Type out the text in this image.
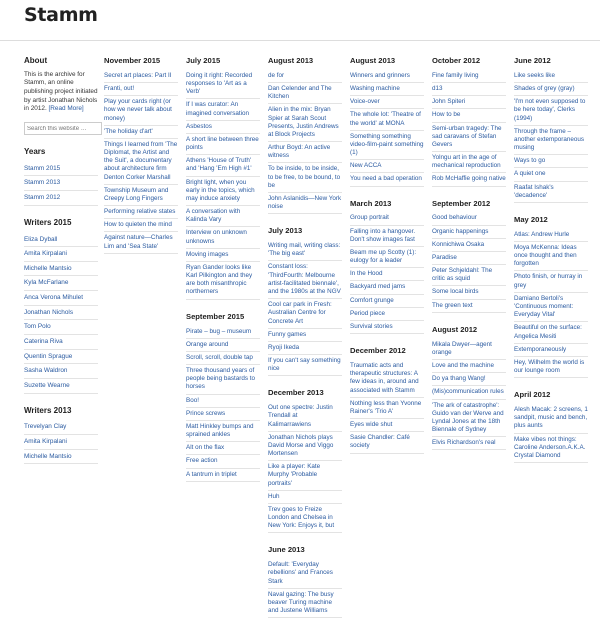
Stamm
About
This is the archive for Stamm, an online publishing project initiated by artist Jonathan Nichols in 2012. [Read More]
Search this website …
Years
Stamm 2015
Stamm 2013
Stamm 2012
Writers 2015
Eliza Dyball
Amita Kirpalani
Michelle Mantsio
Kyla McFarlane
Anca Verona Mihulet
Jonathan Nichols
Tom Polo
Caterina Riva
Quentin Sprague
Sasha Waldron
Suzette Wearne
Writers 2013
Trevelyan Clay
Amita Kirpalani
Michelle Mantsio
November 2015
Secret art places: Part II
Franti, out!
Play your cards right (or how we never talk about money)
'The holiday d'art'
Things I learned from 'The Diplomat, the Artist and the Suit', a documentary about architecture firm Denton Corker Marshall
Township Museum and Creepy Long Fingers
Performing relative states
How to quieten the mind
Against nature—Charles Lim and 'Sea State'
July 2015
Doing it right: Recorded responses to 'Art as a Verb'
If I was curator: An imagined conversation
Asbestos
A short line between three points
Athens 'House of Truth' and 'Hang 'Em High #1'
Bright light, when you early in the topics, which may induce anxiety
A conversation with Kalinda Vary
Interview on unknown unknowns
Moving images
Ryan Gander looks like Karl Pilkington and they are both misanthropic northerners
September 2015
Pirate – bug – museum
Orange around
Scroll, scroll, double tap
Three thousand years of people being bastards to horses
Boo!
Prince screws
Matt Hinkley bumps and sprained ankles
Alt on the flax
Free action
A tantrum in triplet
August 2013
de for
Dan Celender and The Kitchen
Alien in the mix: Bryan Spier at Sarah Scout Presents, Justin Andrews at Block Projects
Arthur Boyd: An active witness
To be inside, to be inside, to be free, to be bound, to be
John Aslanidis—New York noise
July 2013
Writing mail, writing class: 'The big east'
Constant loss: 'ThirdFourth: Melbourne artist-facilitated biennale', and the 1980s at the NGV
Cool car park in Fresh: Australian Centre for Concrete Art
Funny games
Ryoji Ikeda
If you can't say something nice
December 2013
Out one spectre: Justin Trendall at Kalimarrawiens
Jonathan Nichols plays David Morse and Viggo Mortensen
Like a player: Kate Murphy 'Probable portraits'
Huh
Trev goes to Freize London and Chelsea in New York: Enjoys it, but
June 2013
Default: 'Everyday rebellions' and Frances Stark
Naval gazing: The busy beaver Turing machine and Justene Williams
August 2013
Winners and grinners
Washing machine
Voice-over
The whole lot: 'Theatre of the world' at MONA
Something something video-film-paint something (1)
New ACCA
You need a bad operation
March 2013
Group portrait
Falling into a hangover. Don't show images fast
Beam me up Scotty (1): eulogy for a leader
In the Hood
Backyard med jams
Comfort grunge
Period piece
Survival stories
December 2012
Traumatic acts and therapeutic structures: A few ideas in, around and associated with Stamm
Nothing less than Yvonne Rainer's 'Trio A'
Eyes wide shut
Sasie Chandler: Café society
October 2012
Fine family living
d13
John Spiteri
How to be
Semi-urban tragedy: The sad caravans of Stefan Gevers
Yolngu art in the age of mechanical reproduction
Rob McHaffie going native
September 2012
Good behaviour
Organic happenings
Konnichiwa Osaka
Paradise
Peter Schjeldahl: The critic as squid
Some local birds
The green text
August 2012
Mikala Dwyer—agent orange
Love and the machine
Do ya thang Wang!
(Mis)communication rules
'The ark of catastrophe': Guido van der Werve and Lyndal Jones at the 18th Biennale of Sydney
Elvis Richardson's real
June 2012
Like seeks like
Shades of grey (gray)
'I'm not even supposed to be here today', Clerks (1994)
Through the frame – another extemporaneous musing
Ways to go
A quiet one
Raafat Ishak's 'decadence'
May 2012
Atlas: Andrew Hurle
Moya McKenna: Ideas once thought and then forgotten
Photo finish, or hurray in grey
Damiano Bertoli's 'Continuous moment: Everyday Vital'
Beautiful on the surface: Angelica Mesiti
Extemporaneously
Hey, Wilhelm the world is our lounge room
April 2012
Alesh Macak: 2 screens, 1 sandpit, music and bench, plus aunts
Make vibes not things: Caroline Anderson.A.K.A. Crystal Diamond
